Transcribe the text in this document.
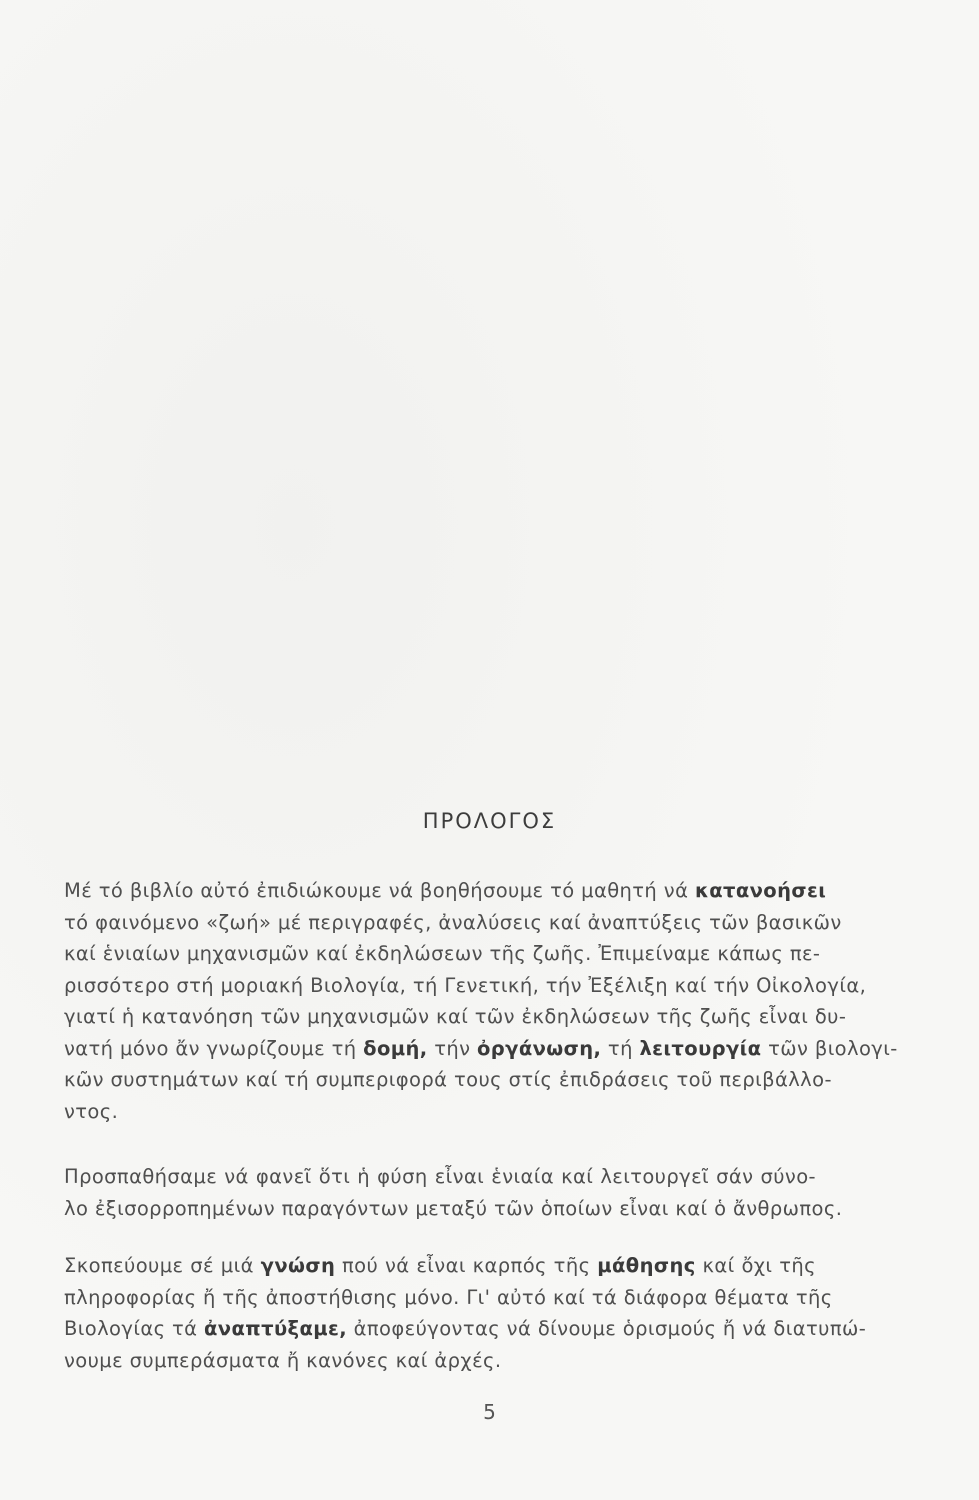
ΠΡΟΛΟΓΟΣ
Μέ τό βιβλίο αὐτό ἐπιδιώκουμε νά βοηθήσουμε τό μαθητή νά κατανοήσει
τό φαινόμενο «ζωή» μέ περιγραφές, ἀναλύσεις καί ἀναπτύξεις τῶν βασικῶν
καί ἑνιαίων μηχανισμῶν καί ἐκδηλώσεων τῆς ζωῆς. Ἐπιμείναμε κάπως πε-
ρισσότερο στή μοριακή Βιολογία, τή Γενετική, τήν Ἐξέλιξη καί τήν Οἰκολογία,
γιατί ἡ κατανόηση τῶν μηχανισμῶν καί τῶν ἐκδηλώσεων τῆς ζωῆς εἶναι δυ-
νατή μόνο ἄν γνωρίζουμε τή δομή, τήν ὀργάνωση, τή λειτουργία τῶν βιολογι-
κῶν συστημάτων καί τή συμπεριφορά τους στίς ἐπιδράσεις τοῦ περιβάλλο-
ντος.
Προσπαθήσαμε νά φανεῖ ὅτι ἡ φύση εἶναι ἑνιαία καί λειτουργεῖ σάν σύνο-
λο ἐξισορροπημένων παραγόντων μεταξύ τῶν ὁποίων εἶναι καί ὁ ἄνθρωπος.
Σκοπεύουμε σέ μιά γνώση πού νά εἶναι καρπός τῆς μάθησης καί ὄχι τῆς
πληροφορίας ἤ τῆς ἀποστήθισης μόνο. Γι' αὐτό καί τά διάφορα θέματα τῆς
Βιολογίας τά ἀναπτύξαμε, ἀποφεύγοντας νά δίνουμε ὁρισμούς ἤ νά διατυπώ-
νουμε συμπεράσματα ἤ κανόνες καί ἀρχές.
5
